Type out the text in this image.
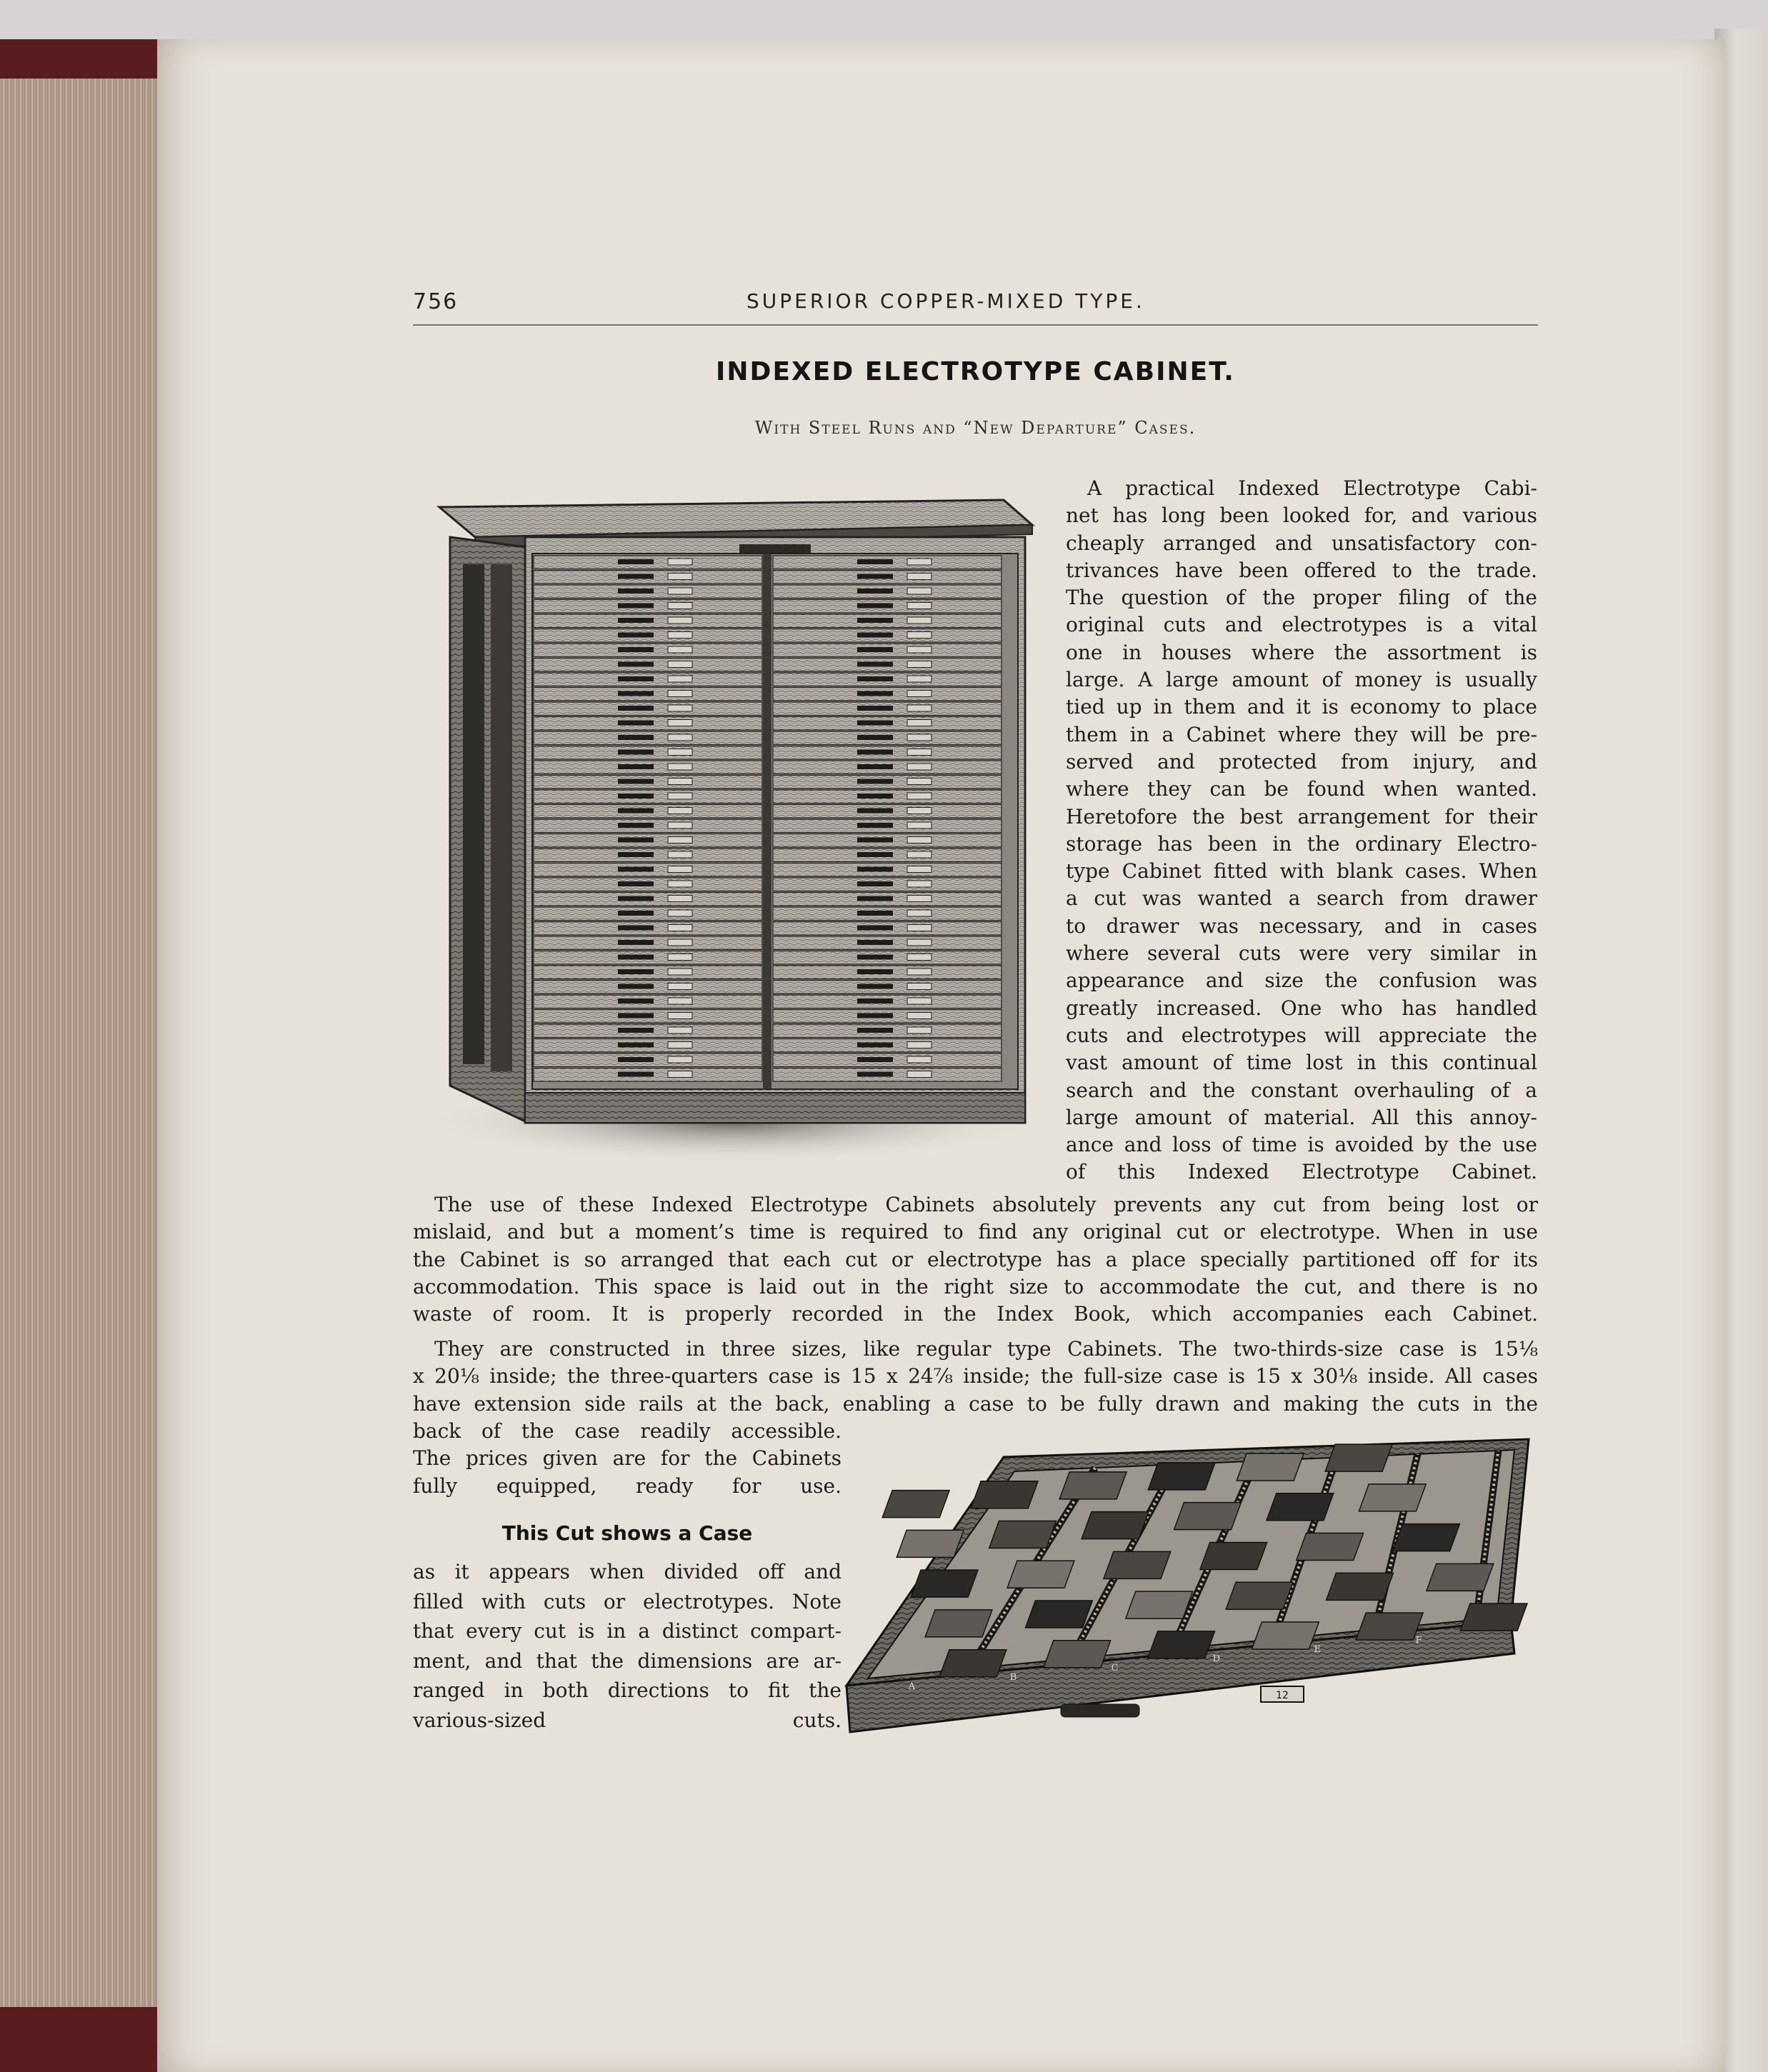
756	SUPERIOR COPPER-MIXED TYPE.
INDEXED ELECTROTYPE CABINET.
With Steel Runs and “New Departure” Cases.
A
B
C
D
E
F
12
A practical Indexed Electrotype Cabi-
net has long been looked for, and various
cheaply arranged and unsatisfactory con-
trivances have been offered to the trade.
The question of the proper filing of the
original cuts and electrotypes is a vital
one in houses where the assortment is
large. A large amount of money is usually
tied up in them and it is economy to place
them in a Cabinet where they will be pre-
served and protected from injury, and
where they can be found when wanted.
Heretofore the best arrangement for their
storage has been in the ordinary Electro-
type Cabinet fitted with blank cases. When
a cut was wanted a search from drawer
to drawer was necessary, and in cases
where several cuts were very similar in
appearance and size the confusion was
greatly increased. One who has handled
cuts and electrotypes will appreciate the
vast amount of time lost in this continual
search and the constant overhauling of a
large amount of material. All this annoy-
ance and loss of time is avoided by the use
of this Indexed Electrotype Cabinet.
The use of these Indexed Electrotype Cabinets absolutely prevents any cut from being lost or
mislaid, and but a moment’s time is required to find any original cut or electrotype. When in use
the Cabinet is so arranged that each cut or electrotype has a place specially partitioned off for its
accommodation. This space is laid out in the right size to accommodate the cut, and there is no
waste of room. It is properly recorded in the Index Book, which accompanies each Cabinet.
They are constructed in three sizes, like regular type Cabinets. The two-thirds-size case is 15⅛
x 20⅛ inside; the three-quarters case is 15 x 24⅞ inside; the full-size case is 15 x 30⅛ inside. All cases
have extension side rails at the back, enabling a case to be fully drawn and making the cuts in the
back of the case readily accessible.
The prices given are for the Cabinets
fully equipped, ready for use.
This Cut shows a Case
as it appears when divided off and
filled with cuts or electrotypes. Note
that every cut is in a distinct compart-
ment, and that the dimensions are ar-
ranged in both directions to fit the
various-sized cuts.
